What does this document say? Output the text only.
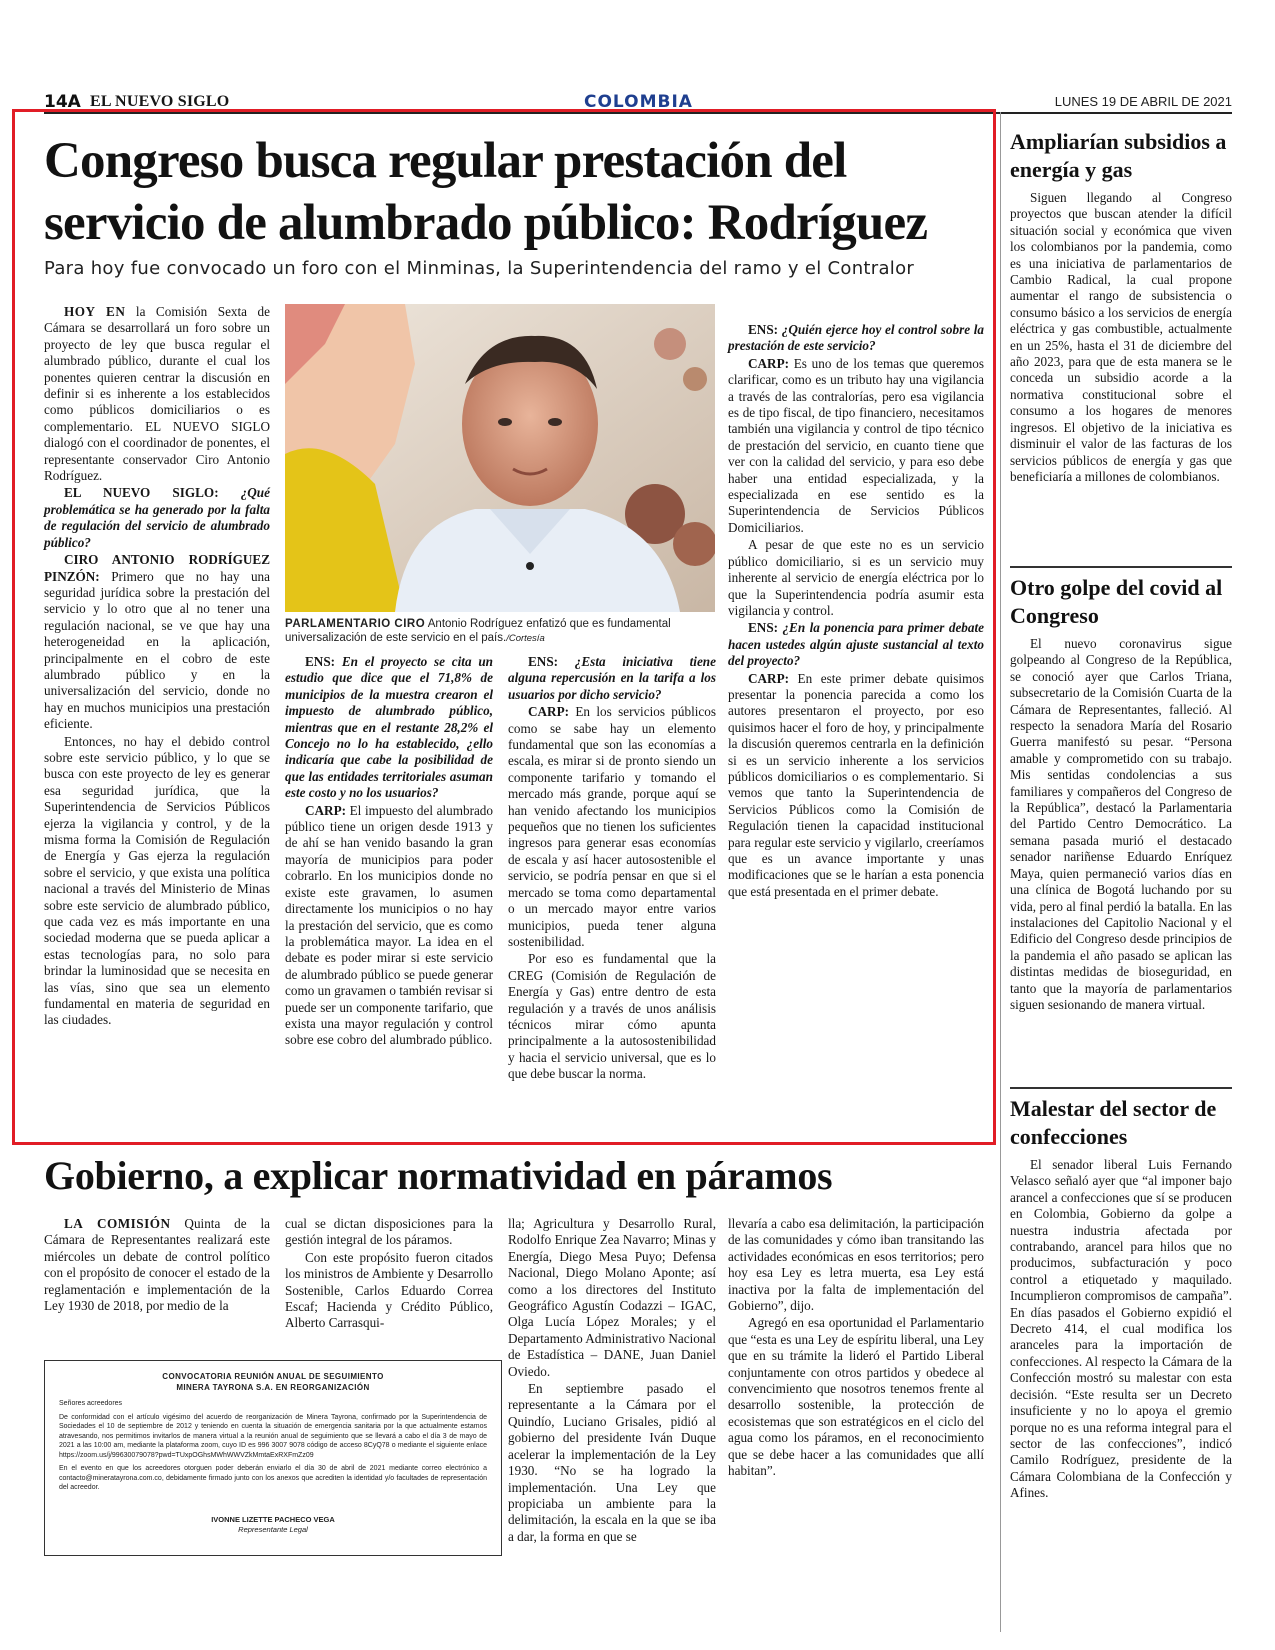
14A EL NUEVO SIGLO	COLOMBIA	LUNES 19 DE ABRIL DE 2021
Congreso busca regular prestación del servicio de alumbrado público: Rodríguez
Para hoy fue convocado un foro con el Minminas, la Superintendencia del ramo y el Contralor

HOY EN la Comisión Sexta de Cámara se desarrollará un foro sobre un proyecto de ley que busca regular el alumbrado público, durante el cual los ponentes quieren centrar la discusión en definir si es inherente a los establecidos como públicos domiciliarios o es complementario. EL NUEVO SIGLO dialogó con el coordinador de ponentes, el representante conservador Ciro Antonio Rodríguez.

EL NUEVO SIGLO: ¿Qué problemática se ha generado por la falta de regulación del servicio de alumbrado público?

CIRO ANTONIO RODRÍGUEZ PINZÓN: Primero que no hay una seguridad jurídica sobre la prestación del servicio y lo otro que al no tener una regulación nacional, se ve que hay una heterogeneidad en la aplicación, principalmente en el cobro de este alumbrado público y en la universalización del servicio, donde no hay en muchos municipios una prestación eficiente.

Entonces, no hay el debido control sobre este servicio público, y lo que se busca con este proyecto de ley es generar esa seguridad jurídica, que la Superintendencia de Servicios Públicos ejerza la vigilancia y control, y de la misma forma la Comisión de Regulación de Energía y Gas ejerza la regulación sobre el servicio, y que exista una política nacional a través del Ministerio de Minas sobre este servicio de alumbrado público, que cada vez es más importante en una sociedad moderna que se pueda aplicar a estas tecnologías para, no solo para brindar la luminosidad que se necesita en las vías, sino que sea un elemento fundamental en materia de seguridad en las ciudades.

PARLAMENTARIO CIRO Antonio Rodríguez enfatizó que es fundamental universalización de este servicio en el país./Cortesía

ENS: En el proyecto se cita un estudio que dice que el 71,8% de municipios de la muestra crearon el impuesto de alumbrado público, mientras que en el restante 28,2% el Concejo no lo ha establecido, ¿ello indicaría que cabe la posibilidad de que las entidades territoriales asuman este costo y no los usuarios?

CARP: El impuesto del alumbrado público tiene un origen desde 1913 y de ahí se han venido basando la gran mayoría de municipios para poder cobrarlo. En los municipios donde no existe este gravamen, lo asumen directamente los municipios o no hay la prestación del servicio, que es como la problemática mayor. La idea en el debate es poder mirar si este servicio de alumbrado público se puede generar como un gravamen o también revisar si puede ser un componente tarifario, que exista una mayor regulación y control sobre ese cobro del alumbrado público.

ENS: ¿Esta iniciativa tiene alguna repercusión en la tarifa a los usuarios por dicho servicio?

CARP: En los servicios públicos como se sabe hay un elemento fundamental que son las economías a escala, es mirar si de pronto siendo un componente tarifario y tomando el mercado más grande, porque aquí se han venido afectando los municipios pequeños que no tienen los suficientes ingresos para generar esas economías de escala y así hacer autosostenible el servicio, se podría pensar en que si el mercado se toma como departamental o un mercado mayor entre varios municipios, pueda tener alguna sostenibilidad.

Por eso es fundamental que la CREG (Comisión de Regulación de Energía y Gas) entre dentro de esta regulación y a través de unos análisis técnicos mirar cómo apunta principalmente a la autosostenibilidad y hacia el servicio universal, que es lo que debe buscar la norma.

ENS: ¿Quién ejerce hoy el control sobre la prestación de este servicio?

CARP: Es uno de los temas que queremos clarificar, como es un tributo hay una vigilancia a través de las contralorías, pero esa vigilancia es de tipo fiscal, de tipo financiero, necesitamos también una vigilancia y control de tipo técnico de prestación del servicio, en cuanto tiene que ver con la calidad del servicio, y para eso debe haber una entidad especializada, y la especializada en ese sentido es la Superintendencia de Servicios Públicos Domiciliarios.

A pesar de que este no es un servicio público domiciliario, si es un servicio muy inherente al servicio de energía eléctrica por lo que la Superintendencia podría asumir esta vigilancia y control.

ENS: ¿En la ponencia para primer debate hacen ustedes algún ajuste sustancial al texto del proyecto?

CARP: En este primer debate quisimos presentar la ponencia parecida a como los autores presentaron el proyecto, por eso quisimos hacer el foro de hoy, y principalmente la discusión queremos centrarla en la definición si es un servicio inherente a los servicios públicos domiciliarios o es complementario. Si vemos que tanto la Superintendencia de Servicios Públicos como la Comisión de Regulación tienen la capacidad institucional para regular este servicio y vigilarlo, creeríamos que es un avance importante y unas modificaciones que se le harían a esta ponencia que está presentada en el primer debate.

Ampliarían subsidios a energía y gas

Siguen llegando al Congreso proyectos que buscan atender la difícil situación social y económica que viven los colombianos por la pandemia, como es una iniciativa de parlamentarios de Cambio Radical, la cual propone aumentar el rango de subsistencia o consumo básico a los servicios de energía eléctrica y gas combustible, actualmente en un 25%, hasta el 31 de diciembre del año 2023, para que de esta manera se le conceda un subsidio acorde a la normativa constitucional sobre el consumo a los hogares de menores ingresos. El objetivo de la iniciativa es disminuir el valor de las facturas de los servicios públicos de energía y gas que beneficiaría a millones de colombianos.

Otro golpe del covid al Congreso

El nuevo coronavirus sigue golpeando al Congreso de la República, se conoció ayer que Carlos Triana, subsecretario de la Comisión Cuarta de la Cámara de Representantes, falleció. Al respecto la senadora María del Rosario Guerra manifestó su pesar. “Persona amable y comprometido con su trabajo. Mis sentidas condolencias a sus familiares y compañeros del Congreso de la República”, destacó la Parlamentaria del Partido Centro Democrático. La semana pasada murió el destacado senador nariñense Eduardo Enríquez Maya, quien permaneció varios días en una clínica de Bogotá luchando por su vida, pero al final perdió la batalla. En las instalaciones del Capitolio Nacional y el Edificio del Congreso desde principios de la pandemia el año pasado se aplican las distintas medidas de bioseguridad, en tanto que la mayoría de parlamentarios siguen sesionando de manera virtual.

Malestar del sector de confecciones

El senador liberal Luis Fernando Velasco señaló ayer que “al imponer bajo arancel a confecciones que sí se producen en Colombia, Gobierno da golpe a nuestra industria afectada por contrabando, arancel para hilos que no producimos, subfacturación y poco control a etiquetado y maquilado. Incumplieron compromisos de campaña”. En días pasados el Gobierno expidió el Decreto 414, el cual modifica los aranceles para la importación de confecciones. Al respecto la Cámara de la Confección mostró su malestar con esta decisión. “Este resulta ser un Decreto insuficiente y no lo apoya el gremio porque no es una reforma integral para el sector de las confecciones”, indicó Camilo Rodríguez, presidente de la Cámara Colombiana de la Confección y Afines.

Gobierno, a explicar normatividad en páramos

LA COMISIÓN Quinta de la Cámara de Representantes realizará este miércoles un debate de control político con el propósito de conocer el estado de la reglamentación e implementación de la Ley 1930 de 2018, por medio de la

cual se dictan disposiciones para la gestión integral de los páramos.

Con este propósito fueron citados los ministros de Ambiente y Desarrollo Sostenible, Carlos Eduardo Correa Escaf; Hacienda y Crédito Público, Alberto Carrasqui-

lla; Agricultura y Desarrollo Rural, Rodolfo Enrique Zea Navarro; Minas y Energía, Diego Mesa Puyo; Defensa Nacional, Diego Molano Aponte; así como a los directores del Instituto Geográfico Agustín Codazzi – IGAC, Olga Lucía López Morales; y el Departamento Administrativo Nacional de Estadística – DANE, Juan Daniel Oviedo.

En septiembre pasado el representante a la Cámara por el Quindío, Luciano Grisales, pidió al gobierno del presidente Iván Duque acelerar la implementación de la Ley 1930. “No se ha logrado la implementación. Una Ley que propiciaba un ambiente para la delimitación, la escala en la que se iba a dar, la forma en que se

llevaría a cabo esa delimitación, la participación de las comunidades y cómo iban transitando las actividades económicas en esos territorios; pero hoy esa Ley es letra muerta, esa Ley está inactiva por la falta de implementación del Gobierno”, dijo.

Agregó en esa oportunidad el Parlamentario que “esta es una Ley de espíritu liberal, una Ley que en su trámite la lideró el Partido Liberal conjuntamente con otros partidos y obedece al convencimiento que nosotros tenemos frente al desarrollo sostenible, la protección de ecosistemas que son estratégicos en el ciclo del agua como los páramos, en el reconocimiento que se debe hacer a las comunidades que allí habitan”.

CONVOCATORIA REUNIÓN ANUAL DE SEGUIMIENTO
MINERA TAYRONA S.A. EN REORGANIZACIÓN
Señores acreedores
De conformidad con el artículo vigésimo del acuerdo de reorganización de Minera Tayrona, confirmado por la Superintendencia de Sociedades el 10 de septiembre de 2012 y teniendo en cuenta la situación de emergencia sanitaria por la que actualmente estamos atravesando, nos permitimos invitarlos de manera virtual a la reunión anual de seguimiento que se llevará a cabo el día 3 de mayo de 2021 a las 10:00 am, mediante la plataforma zoom, cuyo ID es 996 3007 9078 código de acceso 8CyQ78 o mediante el siguiente enlace https://zoom.us/j/99630079078?pwd=TUxpOGhsMWhWWVZkMmtaExRXFmZz09
En el evento en que los acreedores otorguen poder deberán enviarlo el día 30 de abril de 2021 mediante correo electrónico a contacto@mineratayrona.com.co, debidamente firmado junto con los anexos que acrediten la identidad y/o facultades de representación del acreedor.
IVONNE LIZETTE PACHECO VEGA
Representante Legal
